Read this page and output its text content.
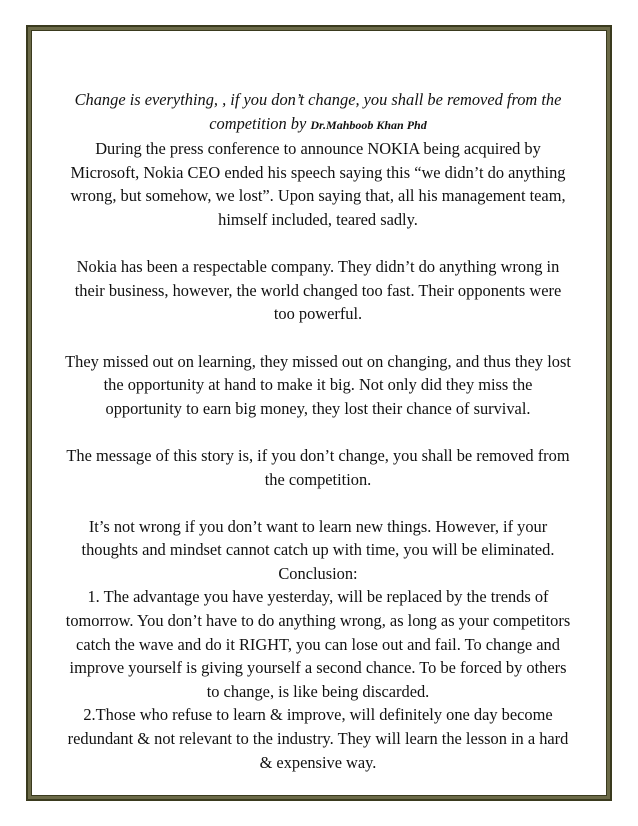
Change is everything, , if you don’t change, you shall be removed from the competition by Dr.Mahboob Khan Phd

During the press conference to announce NOKIA being acquired by Microsoft, Nokia CEO ended his speech saying this “we didn’t do anything wrong, but somehow, we lost”. Upon saying that, all his management team, himself included, teared sadly.

Nokia has been a respectable company. They didn’t do anything wrong in their business, however, the world changed too fast. Their opponents were too powerful.

They missed out on learning, they missed out on changing, and thus they lost the opportunity at hand to make it big. Not only did they miss the opportunity to earn big money, they lost their chance of survival.

The message of this story is, if you don’t change, you shall be removed from the competition.

It’s not wrong if you don’t want to learn new things. However, if your thoughts and mindset cannot catch up with time, you will be eliminated.

Conclusion:

1. The advantage you have yesterday, will be replaced by the trends of tomorrow. You don’t have to do anything wrong, as long as your competitors catch the wave and do it RIGHT, you can lose out and fail. To change and improve yourself is giving yourself a second chance. To be forced by others to change, is like being discarded.

2.Those who refuse to learn & improve, will definitely one day become redundant & not relevant to the industry. They will learn the lesson in a hard & expensive way.
